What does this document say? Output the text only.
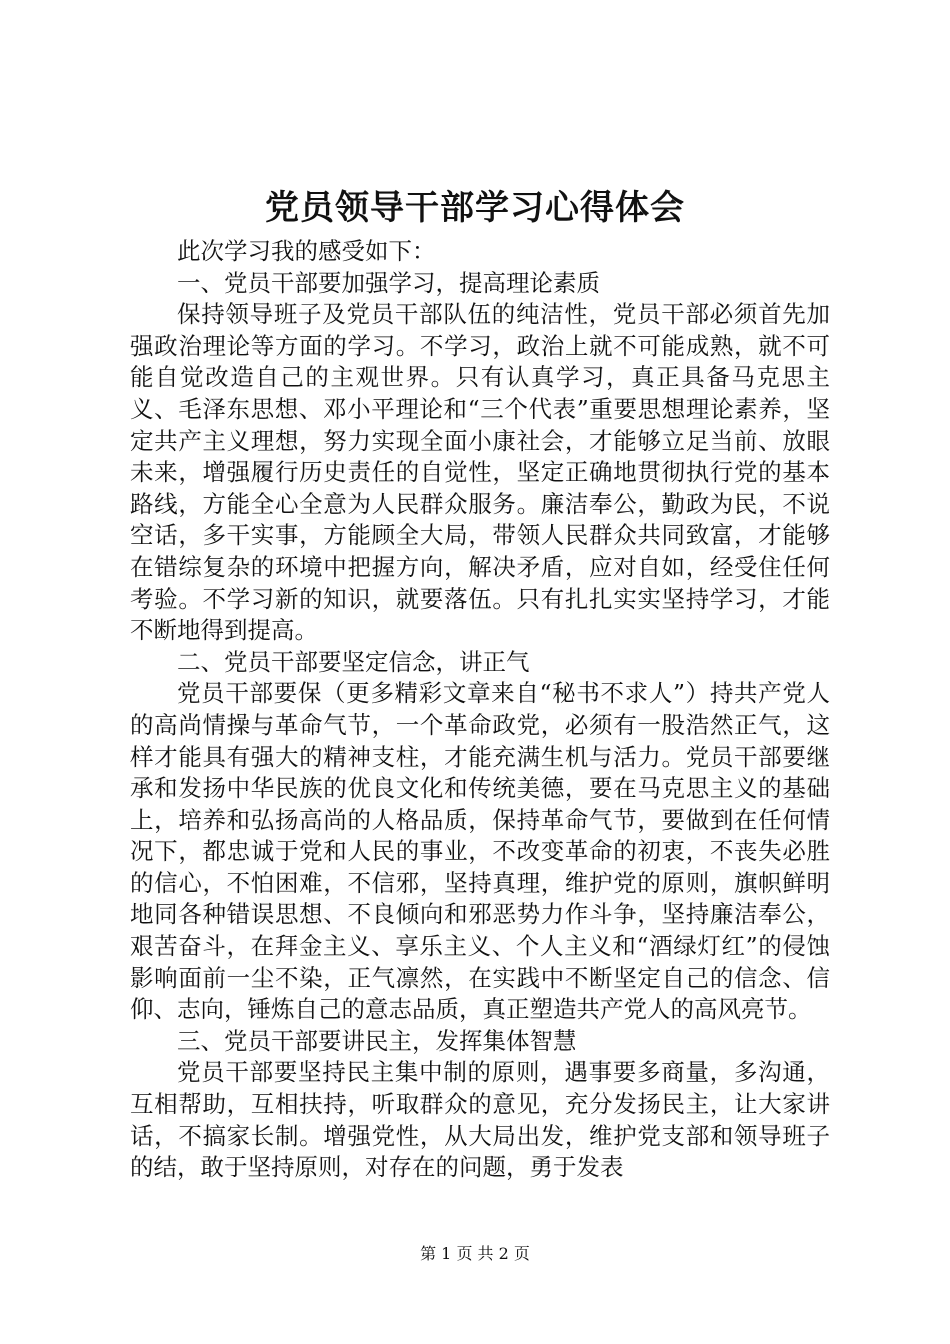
党员领导干部学习心得体会

此次学习我的感受如下：

一、党员干部要加强学习，提高理论素质

保持领导班子及党员干部队伍的纯洁性，党员干部必须首先加强政治理论等方面的学习。不学习，政治上就不可能成熟，就不可能自觉改造自己的主观世界。只有认真学习，真正具备马克思主义、毛泽东思想、邓小平理论和“三个代表”重要思想理论素养，坚定共产主义理想，努力实现全面小康社会，才能够立足当前、放眼未来，增强履行历史责任的自觉性，坚定正确地贯彻执行党的基本路线，方能全心全意为人民群众服务。廉洁奉公，勤政为民，不说空话，多干实事，方能顾全大局，带领人民群众共同致富，才能够在错综复杂的环境中把握方向，解决矛盾，应对自如，经受住任何考验。不学习新的知识，就要落伍。只有扎扎实实坚持学习，才能不断地得到提高。

二、党员干部要坚定信念，讲正气

党员干部要保（更多精彩文章来自“秘书不求人”）持共产党人的高尚情操与革命气节，一个革命政党，必须有一股浩然正气，这样才能具有强大的精神支柱，才能充满生机与活力。党员干部要继承和发扬中华民族的优良文化和传统美德，要在马克思主义的基础上，培养和弘扬高尚的人格品质，保持革命气节，要做到在任何情况下，都忠诚于党和人民的事业，不改变革命的初衷，不丧失必胜的信心，不怕困难，不信邪，坚持真理，维护党的原则，旗帜鲜明地同各种错误思想、不良倾向和邪恶势力作斗争，坚持廉洁奉公，艰苦奋斗，在拜金主义、享乐主义、个人主义和“酒绿灯红”的侵蚀影响面前一尘不染，正气凛然，在实践中不断坚定自己的信念、信仰、志向，锤炼自己的意志品质，真正塑造共产党人的高风亮节。

三、党员干部要讲民主，发挥集体智慧

党员干部要坚持民主集中制的原则，遇事要多商量，多沟通，互相帮助，互相扶持，听取群众的意见，充分发扬民主，让大家讲话，不搞家长制。增强党性，从大局出发，维护党支部和领导班子的结，敢于坚持原则，对存在的问题，勇于发表

第 1 页 共 2 页
